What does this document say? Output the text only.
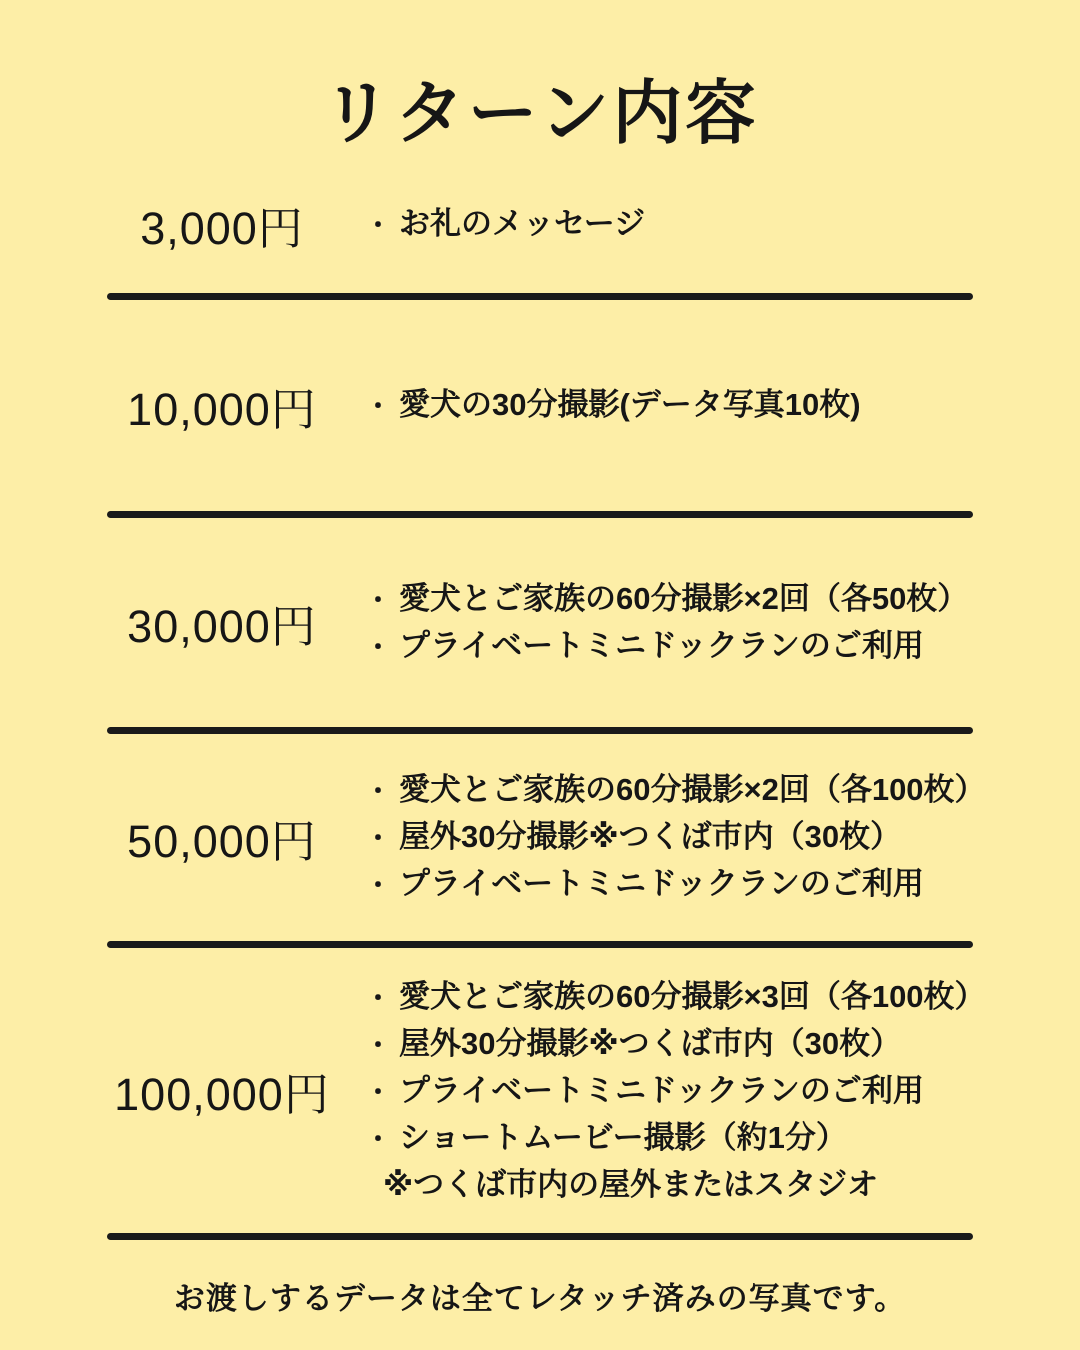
リターン内容
3,000円	・ お礼のメッセージ
10,000円	・ 愛犬の30分撮影(データ写真10枚)
30,000円
・ 愛犬とご家族の60分撮影×2回（各50枚）
・ プライベートミニドックランのご利用
50,000円
・ 愛犬とご家族の60分撮影×2回（各100枚）
・ 屋外30分撮影※つくば市内（30枚）
・ プライベートミニドックランのご利用
100,000円
・ 愛犬とご家族の60分撮影×3回（各100枚）
・ 屋外30分撮影※つくば市内（30枚）
・ プライベートミニドックランのご利用
・ ショートムービー撮影（約1分）
※つくば市内の屋外またはスタジオ
お渡しするデータは全てレタッチ済みの写真です。
